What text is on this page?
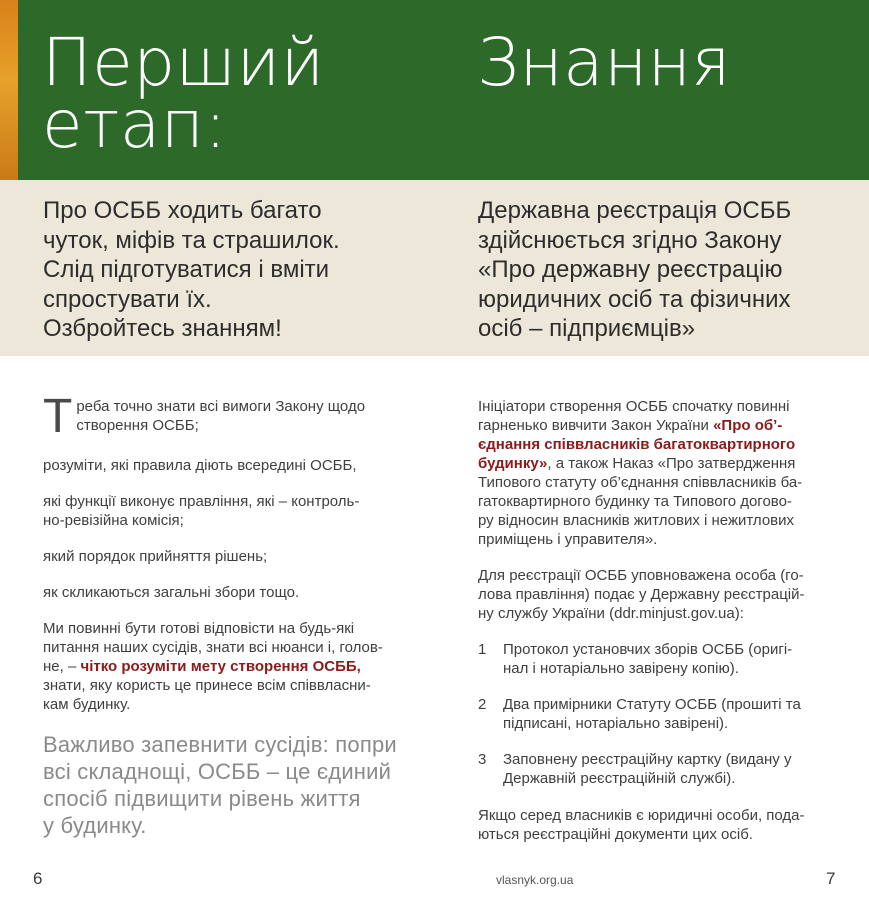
Перший
етап:
Знання
Про ОСББ ходить багато
чуток, міфів та страшилок.
Слід підготуватися і вміти
спростувати їх.
Озбройтесь знанням!
Державна реєстрація ОСББ
здійснюється згідно Закону
«Про державну реєстрацію
юридичних осіб та фізичних
осіб – підприємців»

Т реба точно знати всі вимоги Закону щодо
створення ОСББ;

розуміти, які правила діють всередині ОСББ,

які функції виконує правління, які – контроль-
но-ревізійна комісія;

який порядок прийняття рішень;

як скликаються загальні збори тощо.

Ми повинні бути готові відповісти на будь-які
питання наших сусідів, знати всі нюанси і, голов-
не, – чітко розуміти мету створення ОСББ,
знати, яку користь це принесе всім співвласни-
кам будинку.

Важливо запевнити сусідів: попри
всі складнощі, ОСББ – це єдиний
спосіб підвищити рівень життя
у будинку.

Ініціатори створення ОСББ спочатку повинні
гарненько вивчити Закон України «Про об’-
єднання співвласників багатоквартирного
будинку», а також Наказ «Про затвердження
Типового статуту об’єднання співвласників ба-
гатоквартирного будинку та Типового догово-
ру відносин власників житлових і нежитлових
приміщень і управителя».

Для реєстрації ОСББ уповноважена особа (го-
лова правління) подає у Державну реєстрацій-
ну службу України (ddr.minjust.gov.ua):

1 Протокол установчих зборів ОСББ (оригі-
нал і нотаріально завірену копію).
2 Два примірники Статуту ОСББ (прошиті та
підписані, нотаріально завірені).
3 Заповнену реєстраційну картку (видану у
Державній реєстраційній службі).

Якщо серед власників є юридичні особи, пода-
ються реєстраційні документи цих осіб.

6	vlasnyk.org.ua	7
